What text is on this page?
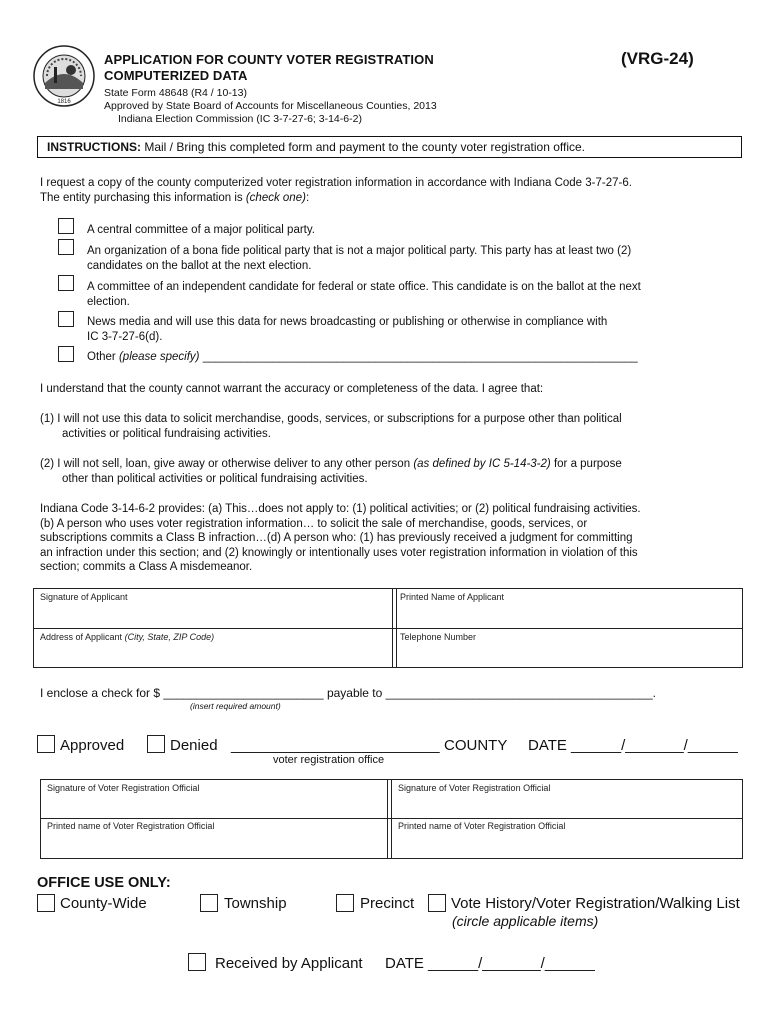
1816
APPLICATION FOR COUNTY VOTER REGISTRATION
COMPUTERIZED DATA
(VRG-24)
State Form 48648 (R4 / 10-13)
Approved by State Board of Accounts for Miscellaneous Counties, 2013
Indiana Election Commission (IC 3-7-27-6; 3-14-6-2)
INSTRUCTIONS: Mail / Bring this completed form and payment to the county voter registration office.
I request a copy of the county computerized voter registration information in accordance with Indiana Code 3-7-27-6.
The entity purchasing this information is (check one):
A central committee of a major political party.
An organization of a bona fide political party that is not a major political party. This party has at least two (2)
candidates on the ballot at the next election.
A committee of an independent candidate for federal or state office. This candidate is on the ballot at the next
election.
News media and will use this data for news broadcasting or publishing or otherwise in compliance with
IC 3-7-27-6(d).
Other (please specify) ____________________________________________________________________
I understand that the county cannot warrant the accuracy or completeness of the data. I agree that:
(1) I will not use this data to solicit merchandise, goods, services, or subscriptions for a purpose other than political
activities or political fundraising activities.
(2) I will not sell, loan, give away or otherwise deliver to any other person (as defined by IC 5-14-3-2) for a purpose
other than political activities or political fundraising activities.
Indiana Code 3-14-6-2 provides: (a) This…does not apply to: (1) political activities; or (2) political fundraising activities.
(b) A person who uses voter registration information… to solicit the sale of merchandise, goods, services, or
subscriptions commits a Class B infraction…(d) A person who: (1) has previously received a judgment for committing
an infraction under this section; and (2) knowingly or intentionally uses voter registration information in violation of this
section; commits a Class A misdemeanor.
Signature of Applicant	Printed Name of Applicant
Address of Applicant (City, State, ZIP Code)	Telephone Number
I enclose a check for $ ________________________ payable to ________________________________________.
(insert required amount)
Approved	Denied _________________________ COUNTY DATE ______/_______/______
voter registration office
Signature of Voter Registration Official	Signature of Voter Registration Official
Printed name of Voter Registration Official	Printed name of Voter Registration Official
OFFICE USE ONLY:
County-Wide	Township	Precinct Vote History/Voter Registration/Walking List
(circle applicable items)
Received by Applicant DATE ______/_______/______
